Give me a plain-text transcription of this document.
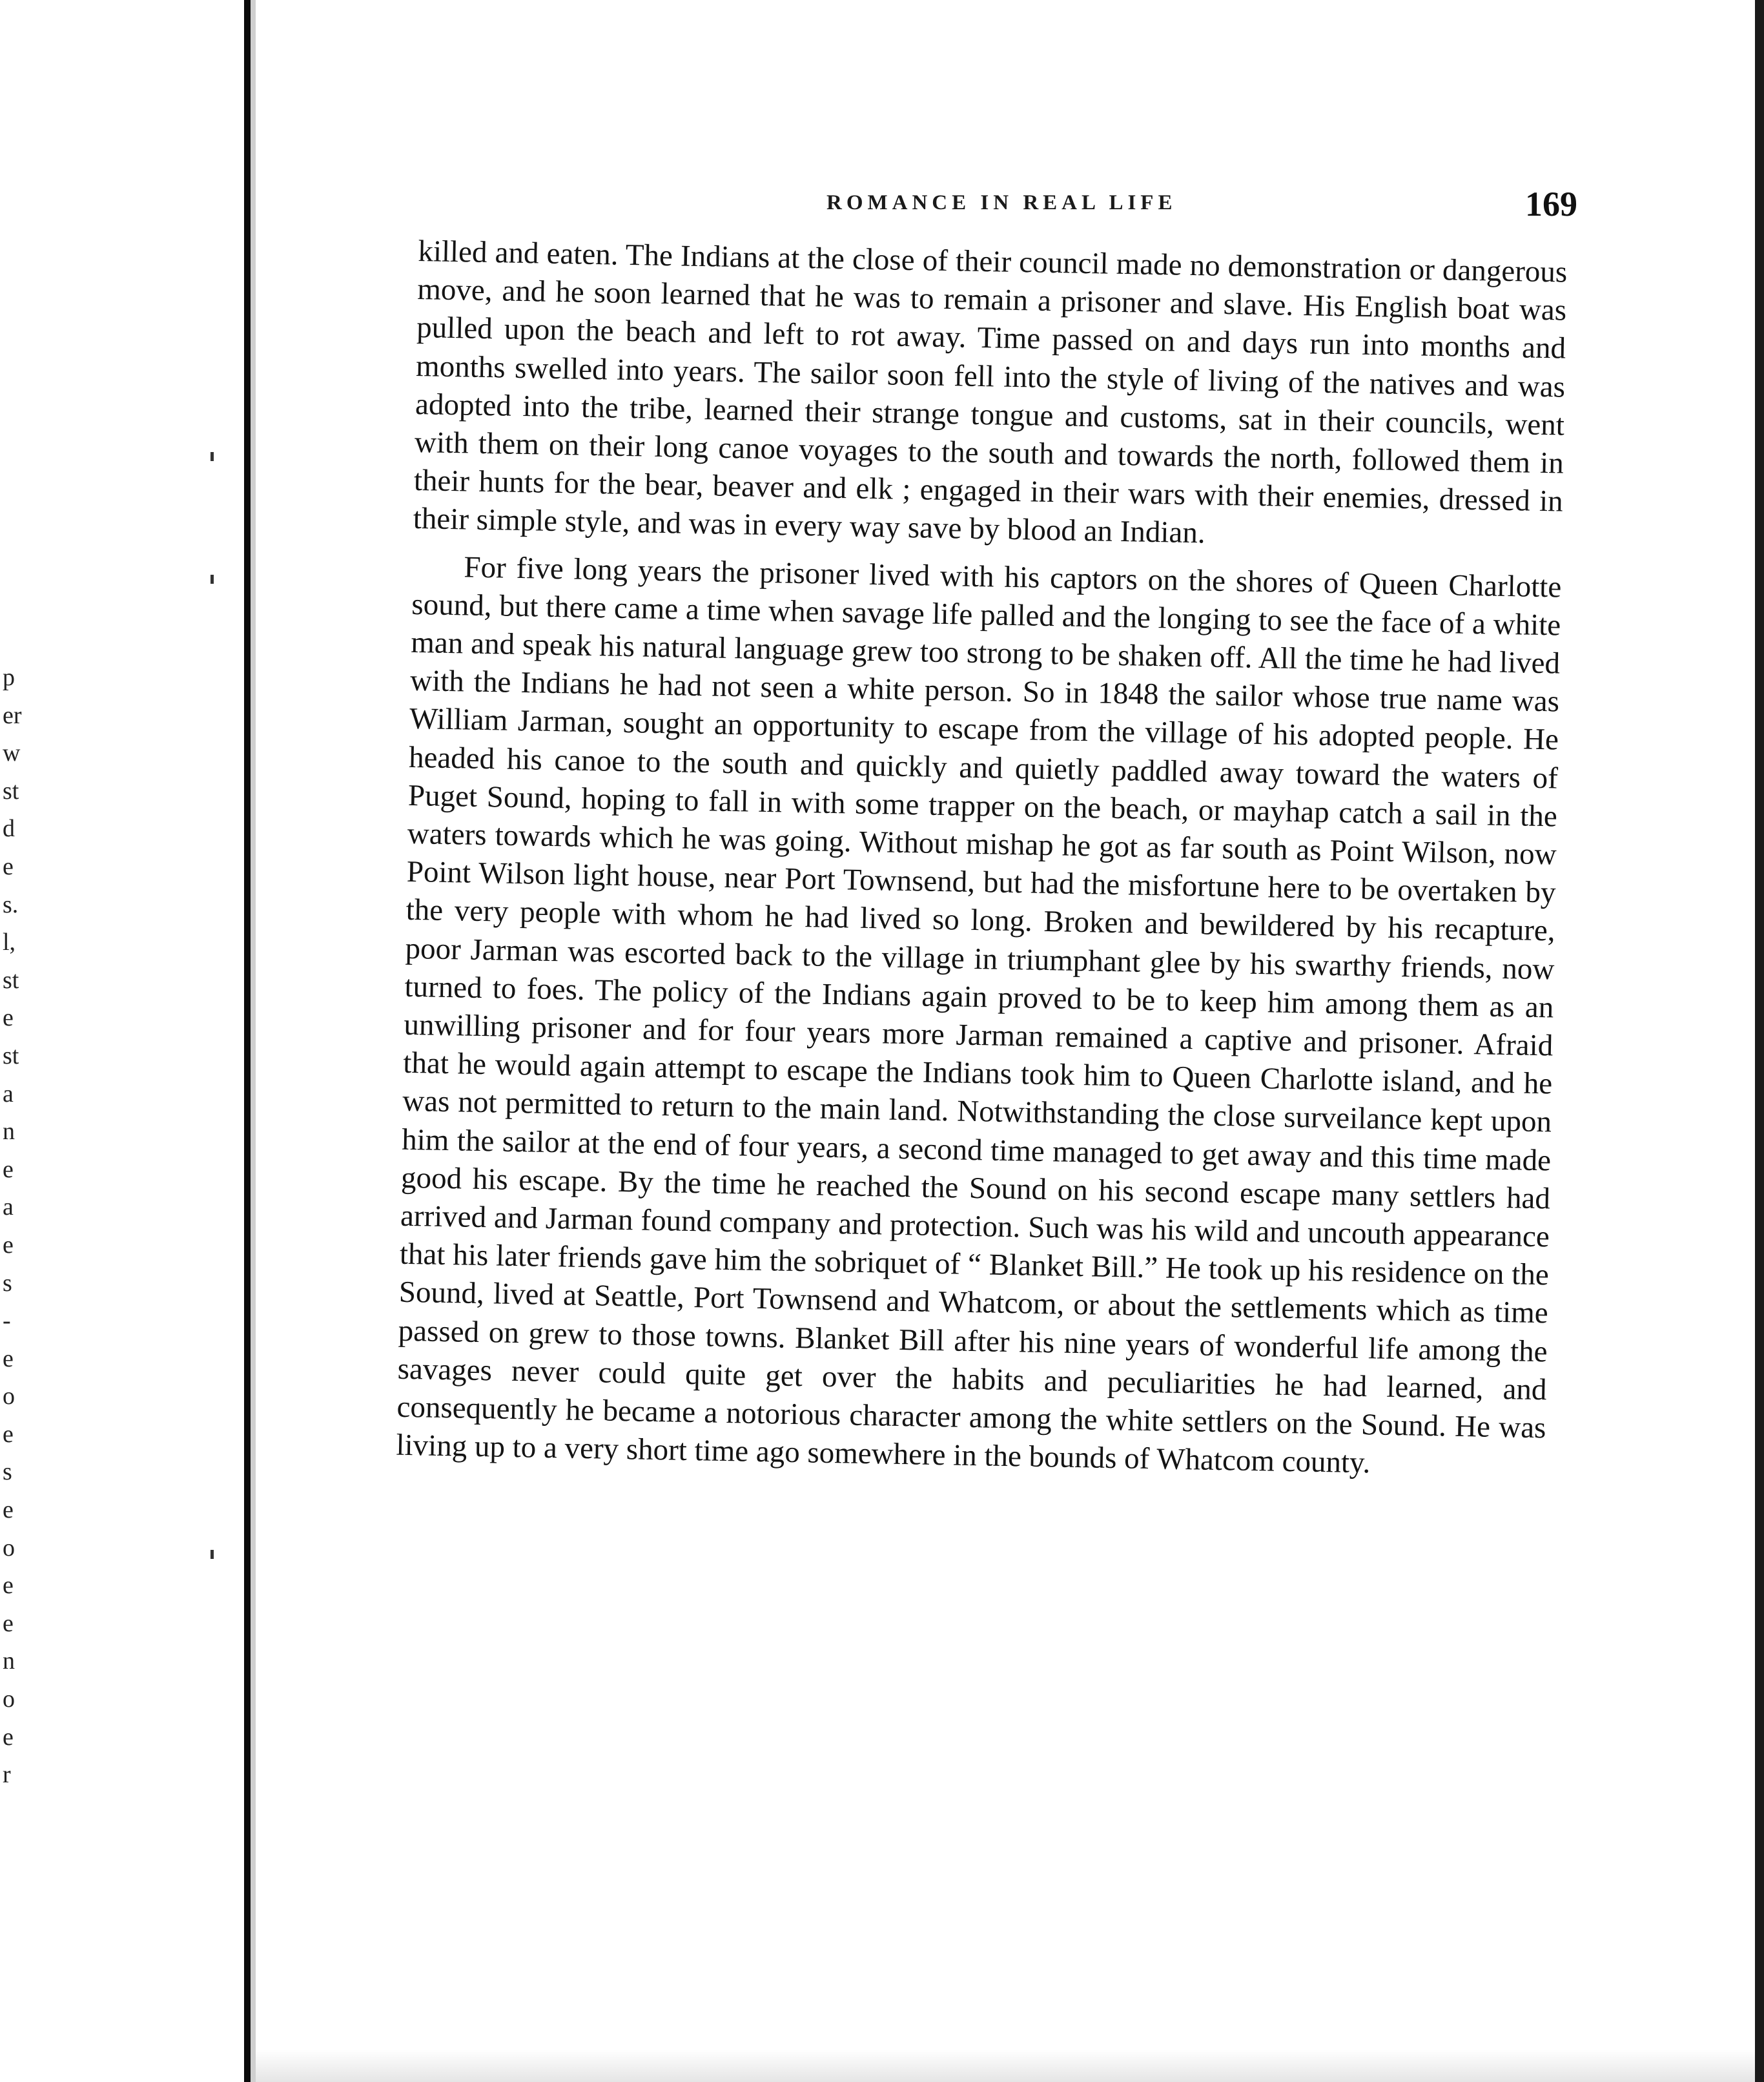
p
er
w
st
d
e
s.
l,
st
e
st
a
n
e
a
e
s
-
e
o
e
s
e
o
e
e
n
o
e
r
ROMANCE IN REAL LIFE	169

killed and eaten. The Indians at the close of their council made no demonstration or dangerous move, and he soon learned that he was to remain a prisoner and slave. His English boat was pulled upon the beach and left to rot away. Time passed on and days run into months and months swelled into years. The sailor soon fell into the style of living of the natives and was adopted into the tribe, learned their strange tongue and customs, sat in their councils, went with them on their long canoe voyages to the south and towards the north, followed them in their hunts for the bear, beaver and elk ; engaged in their wars with their enemies, dressed in their simple style, and was in every way save by blood an Indian.

For five long years the prisoner lived with his captors on the shores of Queen Charlotte sound, but there came a time when savage life palled and the longing to see the face of a white man and speak his natural language grew too strong to be shaken off. All the time he had lived with the Indians he had not seen a white person. So in 1848 the sailor whose true name was William Jarman, sought an opportunity to escape from the village of his adopted people. He headed his canoe to the south and quickly and quietly paddled away toward the waters of Puget Sound, hoping to fall in with some trapper on the beach, or mayhap catch a sail in the waters towards which he was going. Without mishap he got as far south as Point Wilson, now Point Wilson light house, near Port Townsend, but had the misfortune here to be overtaken by the very people with whom he had lived so long. Broken and bewildered by his recapture, poor Jarman was escorted back to the village in triumphant glee by his swarthy friends, now turned to foes. The policy of the Indians again proved to be to keep him among them as an unwilling prisoner and for four years more Jarman remained a captive and prisoner. Afraid that he would again attempt to escape the Indians took him to Queen Charlotte island, and he was not permitted to return to the main land. Notwithstanding the close surveilance kept upon him the sailor at the end of four years, a second time managed to get away and this time made good his escape. By the time he reached the Sound on his second escape many settlers had arrived and Jarman found company and protection. Such was his wild and uncouth appearance that his later friends gave him the sobriquet of “ Blanket Bill.” He took up his residence on the Sound, lived at Seattle, Port Townsend and Whatcom, or about the settlements which as time passed on grew to those towns. Blanket Bill after his nine years of wonderful life among the savages never could quite get over the habits and peculiarities he had learned, and consequently he became a notorious character among the white settlers on the Sound. He was living up to a very short time ago somewhere in the bounds of Whatcom county.
